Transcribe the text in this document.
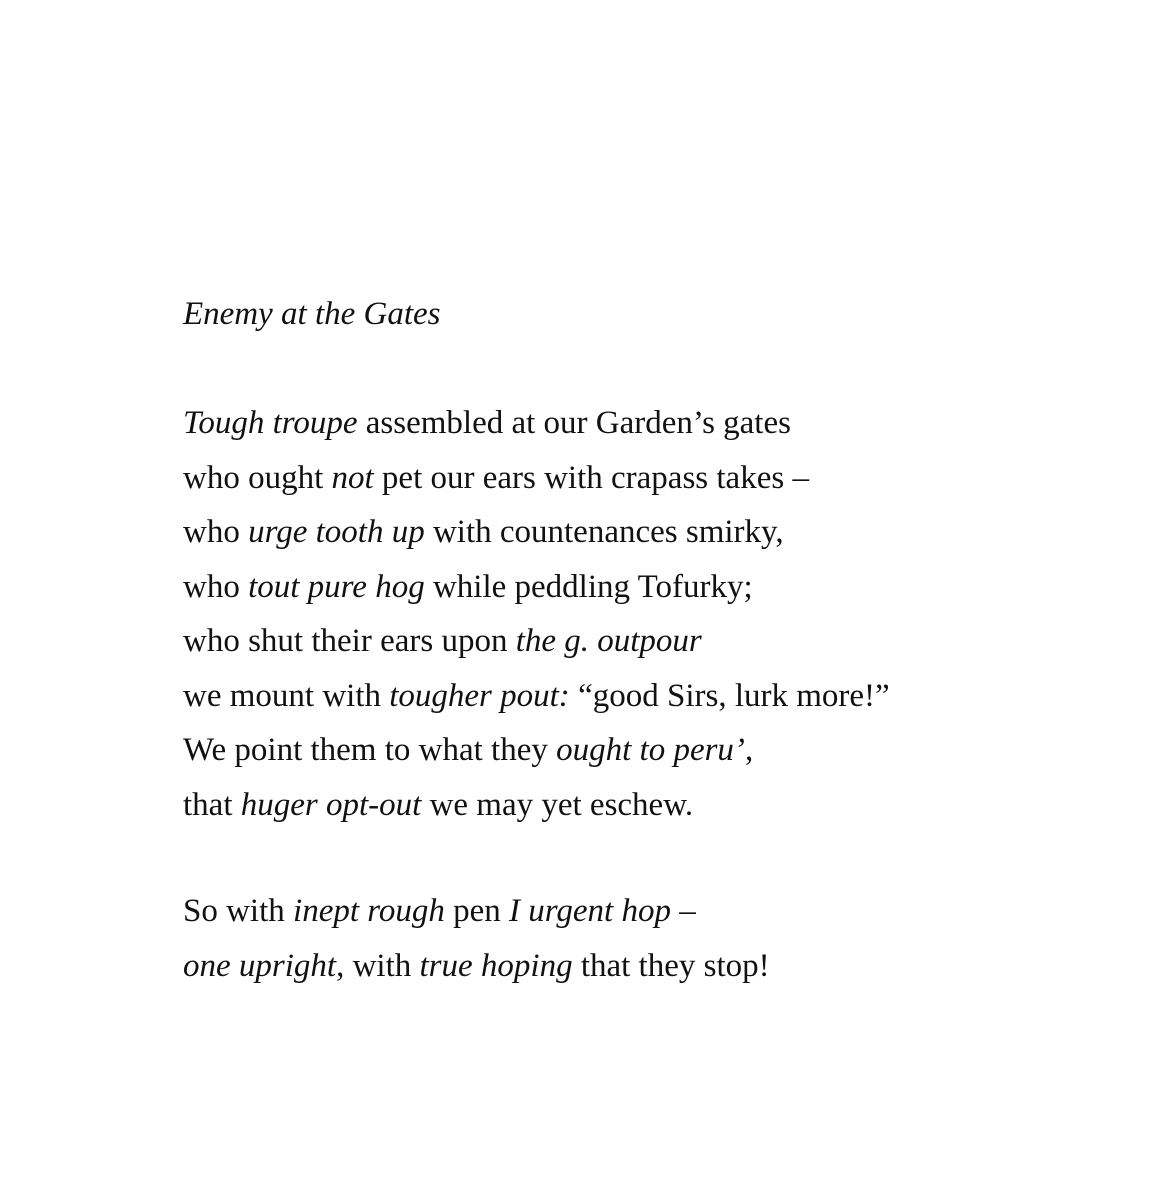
Enemy at the Gates
Tough troupe assembled at our Garden’s gates
who ought not pet our ears with crapass takes –
who urge tooth up with countenances smirky,
who tout pure hog while peddling Tofurky;
who shut their ears upon the g. outpour
we mount with tougher pout: “good Sirs, lurk more!”
We point them to what they ought to peru’,
that huger opt-out we may yet eschew.
So with inept rough pen I urgent hop –
one upright, with true hoping that they stop!
